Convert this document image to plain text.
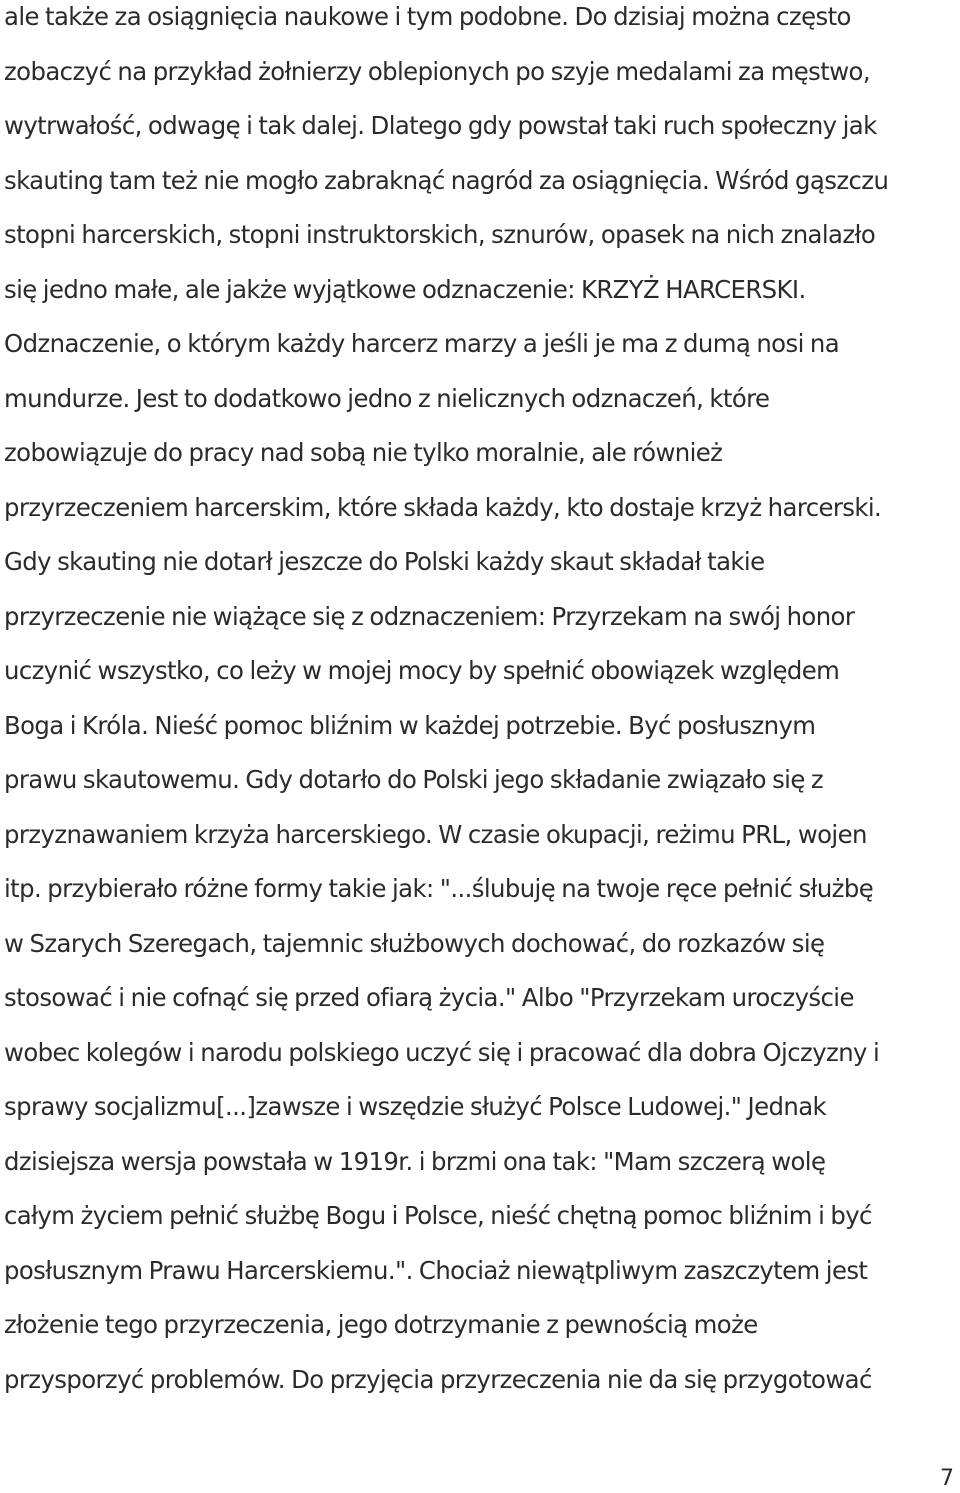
ale także za osiągnięcia naukowe i tym podobne. Do dzisiaj można często
zobaczyć na przykład żołnierzy oblepionych po szyje medalami za męstwo,
wytrwałość, odwagę i tak dalej. Dlatego gdy powstał taki ruch społeczny jak
skauting tam też nie mogło zabraknąć nagród za osiągnięcia. Wśród gąszczu
stopni harcerskich, stopni instruktorskich, sznurów, opasek na nich znalazło
się jedno małe, ale jakże wyjątkowe odznaczenie: KRZYŻ HARCERSKI.
Odznaczenie, o którym każdy harcerz marzy a jeśli je ma z dumą nosi na
mundurze. Jest to dodatkowo jedno z nielicznych odznaczeń, które
zobowiązuje do pracy nad sobą nie tylko moralnie, ale również
przyrzeczeniem harcerskim, które składa każdy, kto dostaje krzyż harcerski.
Gdy skauting nie dotarł jeszcze do Polski każdy skaut składał takie
przyrzeczenie nie wiążące się z odznaczeniem: Przyrzekam na swój honor
uczynić wszystko, co leży w mojej mocy by spełnić obowiązek względem
Boga i Króla. Nieść pomoc bliźnim w każdej potrzebie. Być posłusznym
prawu skautowemu. Gdy dotarło do Polski jego składanie związało się z
przyznawaniem krzyża harcerskiego. W czasie okupacji, reżimu PRL, wojen
itp. przybierało różne formy takie jak: "...ślubuję na twoje ręce pełnić służbę
w Szarych Szeregach, tajemnic służbowych dochować, do rozkazów się
stosować i nie cofnąć się przed ofiarą życia." Albo "Przyrzekam uroczyście
wobec kolegów i narodu polskiego uczyć się i pracować dla dobra Ojczyzny i
sprawy socjalizmu[...]zawsze i wszędzie służyć Polsce Ludowej." Jednak
dzisiejsza wersja powstała w 1919r. i brzmi ona tak: "Mam szczerą wolę
całym życiem pełnić służbę Bogu i Polsce, nieść chętną pomoc bliźnim i być
posłusznym Prawu Harcerskiemu.". Chociaż niewątpliwym zaszczytem jest
złożenie tego przyrzeczenia, jego dotrzymanie z pewnością może
przysporzyć problemów. Do przyjęcia przyrzeczenia nie da się przygotować
7
